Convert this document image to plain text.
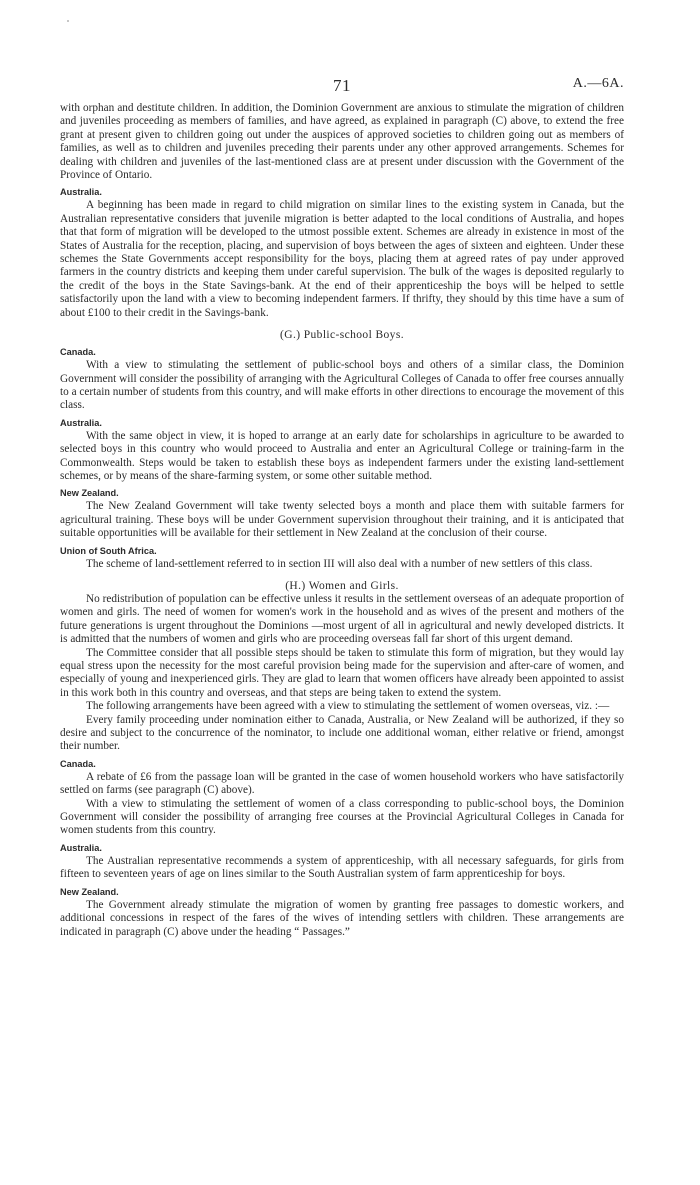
71	A.—6A.

with orphan and destitute children. In addition, the Dominion Government are anxious to stimulate the migration of children and juveniles proceeding as members of families, and have agreed, as explained in paragraph (C) above, to extend the free grant at present given to children going out under the auspices of approved societies to children going out as members of families, as well as to children and juveniles preceding their parents under any other approved arrangements. Schemes for dealing with children and juveniles of the last-mentioned class are at present under discussion with the Government of the Province of Ontario.

Australia.

A beginning has been made in regard to child migration on similar lines to the existing system in Canada, but the Australian representative considers that juvenile migration is better adapted to the local conditions of Australia, and hopes that that form of migration will be developed to the utmost possible extent. Schemes are already in existence in most of the States of Australia for the reception, placing, and supervision of boys between the ages of sixteen and eighteen. Under these schemes the State Governments accept responsibility for the boys, placing them at agreed rates of pay under approved farmers in the country districts and keeping them under careful supervision. The bulk of the wages is deposited regularly to the credit of the boys in the State Savings-bank. At the end of their apprenticeship the boys will be helped to settle satisfactorily upon the land with a view to becoming independent farmers. If thrifty, they should by this time have a sum of about £100 to their credit in the Savings-bank.

(G.) Public-school Boys.
Canada.

With a view to stimulating the settlement of public-school boys and others of a similar class, the Dominion Government will consider the possibility of arranging with the Agricultural Colleges of Canada to offer free courses annually to a certain number of students from this country, and will make efforts in other directions to encourage the movement of this class.

Australia.

With the same object in view, it is hoped to arrange at an early date for scholarships in agriculture to be awarded to selected boys in this country who would proceed to Australia and enter an Agricultural College or training-farm in the Commonwealth. Steps would be taken to establish these boys as independent farmers under the existing land-settlement schemes, or by means of the share-farming system, or some other suitable method.

New Zealand.

The New Zealand Government will take twenty selected boys a month and place them with suitable farmers for agricultural training. These boys will be under Government supervision throughout their training, and it is anticipated that suitable opportunities will be available for their settlement in New Zealand at the conclusion of their course.

Union of South Africa.

The scheme of land-settlement referred to in section III will also deal with a number of new settlers of this class.

(H.) Women and Girls.

No redistribution of population can be effective unless it results in the settlement overseas of an adequate proportion of women and girls. The need of women for women's work in the household and as wives of the present and mothers of the future generations is urgent throughout the Dominions —most urgent of all in agricultural and newly developed districts. It is admitted that the numbers of women and girls who are proceeding overseas fall far short of this urgent demand.

The Committee consider that all possible steps should be taken to stimulate this form of migration, but they would lay equal stress upon the necessity for the most careful provision being made for the supervision and after-care of women, and especially of young and inexperienced girls. They are glad to learn that women officers have already been appointed to assist in this work both in this country and overseas, and that steps are being taken to extend the system.

The following arrangements have been agreed with a view to stimulating the settlement of women overseas, viz. :—

Every family proceeding under nomination either to Canada, Australia, or New Zealand will be authorized, if they so desire and subject to the concurrence of the nominator, to include one additional woman, either relative or friend, amongst their number.

Canada.

A rebate of £6 from the passage loan will be granted in the case of women household workers who have satisfactorily settled on farms (see paragraph (C) above).

With a view to stimulating the settlement of women of a class corresponding to public-school boys, the Dominion Government will consider the possibility of arranging free courses at the Provincial Agricultural Colleges in Canada for women students from this country.

Australia.

The Australian representative recommends a system of apprenticeship, with all necessary safeguards, for girls from fifteen to seventeen years of age on lines similar to the South Australian system of farm apprenticeship for boys.

New Zealand.

The Government already stimulate the migration of women by granting free passages to domestic workers, and additional concessions in respect of the fares of the wives of intending settlers with children. These arrangements are indicated in paragraph (C) above under the heading “ Passages.”
